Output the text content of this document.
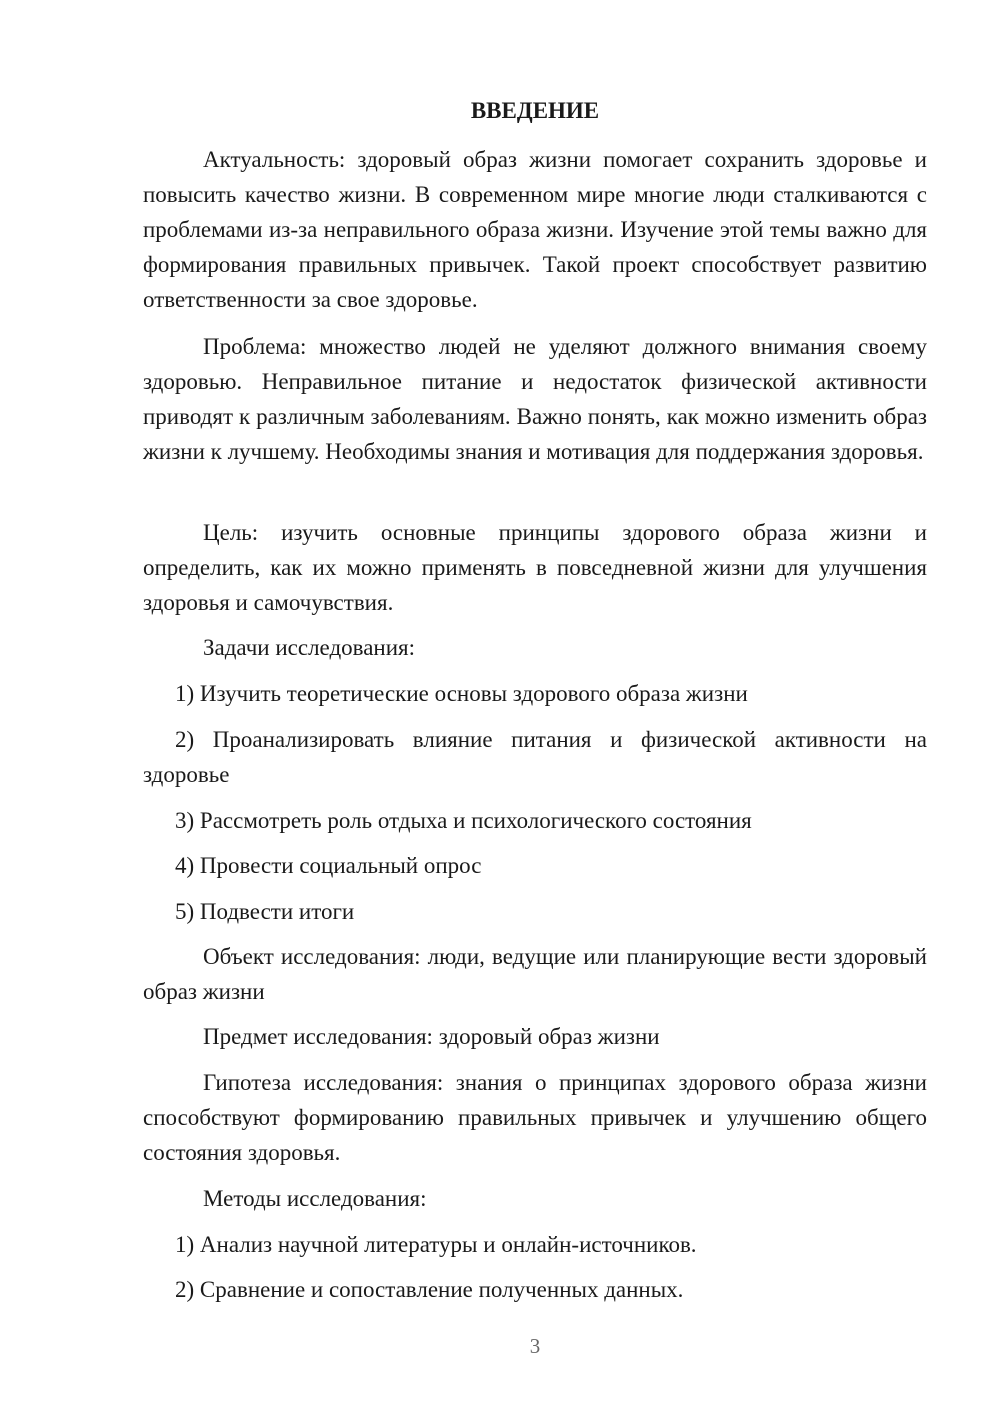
ВВЕДЕНИЕ
Актуальность: здоровый образ жизни помогает сохранить здоровье и повысить качество жизни. В современном мире многие люди сталкиваются с проблемами из-за неправильного образа жизни. Изучение этой темы важно для формирования правильных привычек. Такой проект способствует развитию ответственности за свое здоровье.
Проблема: множество людей не уделяют должного внимания своему здоровью. Неправильное питание и недостаток физической активности приводят к различным заболеваниям. Важно понять, как можно изменить образ жизни к лучшему. Необходимы знания и мотивация для поддержания здоровья.
Цель: изучить основные принципы здорового образа жизни и определить, как их можно применять в повседневной жизни для улучшения здоровья и самочувствия.
Задачи исследования:
1) Изучить теоретические основы здорового образа жизни
2) Проанализировать влияние питания и физической активности на здоровье
3) Рассмотреть роль отдыха и психологического состояния
4) Провести социальный опрос
5) Подвести итоги
Объект исследования: люди, ведущие или планирующие вести здоровый образ жизни
Предмет исследования: здоровый образ жизни
Гипотеза исследования: знания о принципах здорового образа жизни способствуют формированию правильных привычек и улучшению общего состояния здоровья.
Методы исследования:
1) Анализ научной литературы и онлайн-источников.
2) Сравнение и сопоставление полученных данных.
3
